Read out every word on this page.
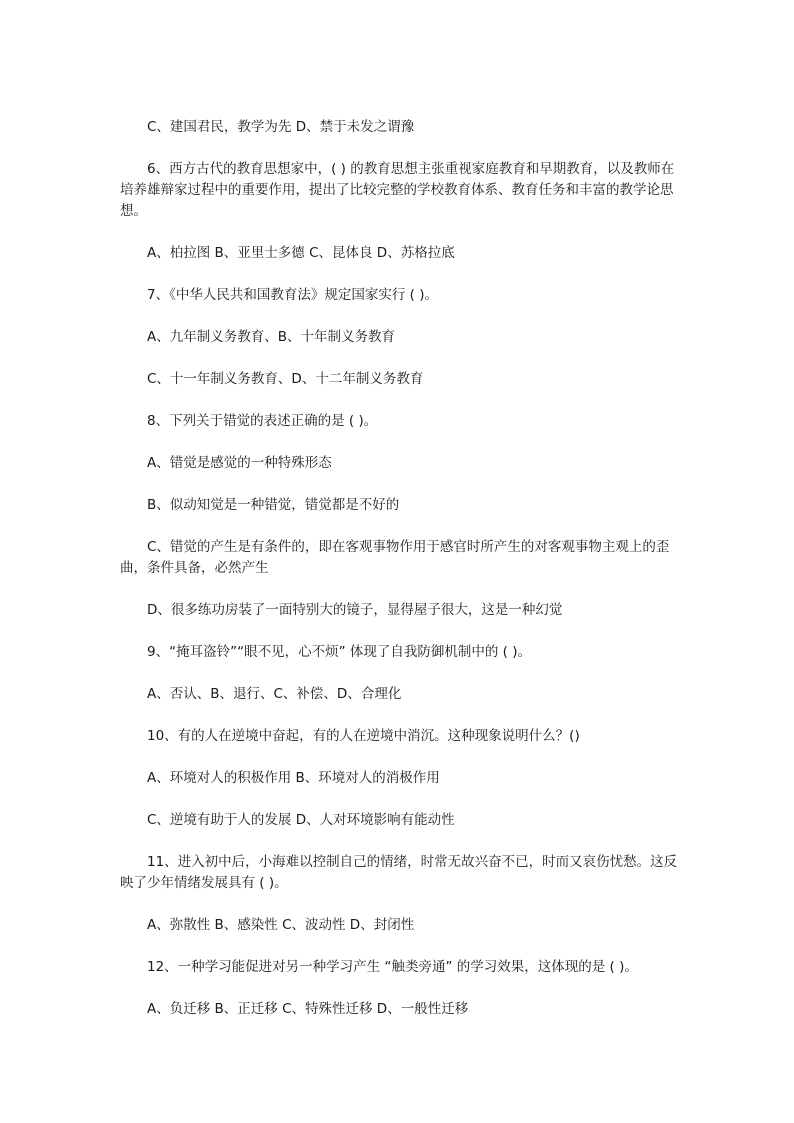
C、建国君民，教学为先 D、禁于未发之谓豫

6、西方古代的教育思想家中，( ) 的教育思想主张重视家庭教育和早期教育，以及教师在培养雄辩家过程中的重要作用，提出了比较完整的学校教育体系、教育任务和丰富的教学论思想。

A、柏拉图 B、亚里士多德 C、昆体良 D、苏格拉底

7、《中华人民共和国教育法》规定国家实行 ( )。

A、九年制义务教育、B、十年制义务教育

C、十一年制义务教育、D、十二年制义务教育

8、下列关于错觉的表述正确的是 ( )。

A、错觉是感觉的一种特殊形态

B、似动知觉是一种错觉，错觉都是不好的

C、错觉的产生是有条件的，即在客观事物作用于感官时所产生的对客观事物主观上的歪曲，条件具备，必然产生

D、很多练功房装了一面特别大的镜子，显得屋子很大，这是一种幻觉

9、“掩耳盗铃”“眼不见，心不烦” 体现了自我防御机制中的 ( )。

A、否认、B、退行、C、补偿、D、合理化

10、有的人在逆境中奋起，有的人在逆境中消沉。这种现象说明什么？()

A、环境对人的积极作用 B、环境对人的消极作用

C、逆境有助于人的发展 D、人对环境影响有能动性

11、进入初中后，小海难以控制自己的情绪，时常无故兴奋不已，时而又哀伤忧愁。这反映了少年情绪发展具有 ( )。

A、弥散性 B、感染性 C、波动性 D、封闭性

12、一种学习能促进对另一种学习产生 “触类旁通” 的学习效果，这体现的是 ( )。

A、负迁移 B、正迁移 C、特殊性迁移 D、一般性迁移
